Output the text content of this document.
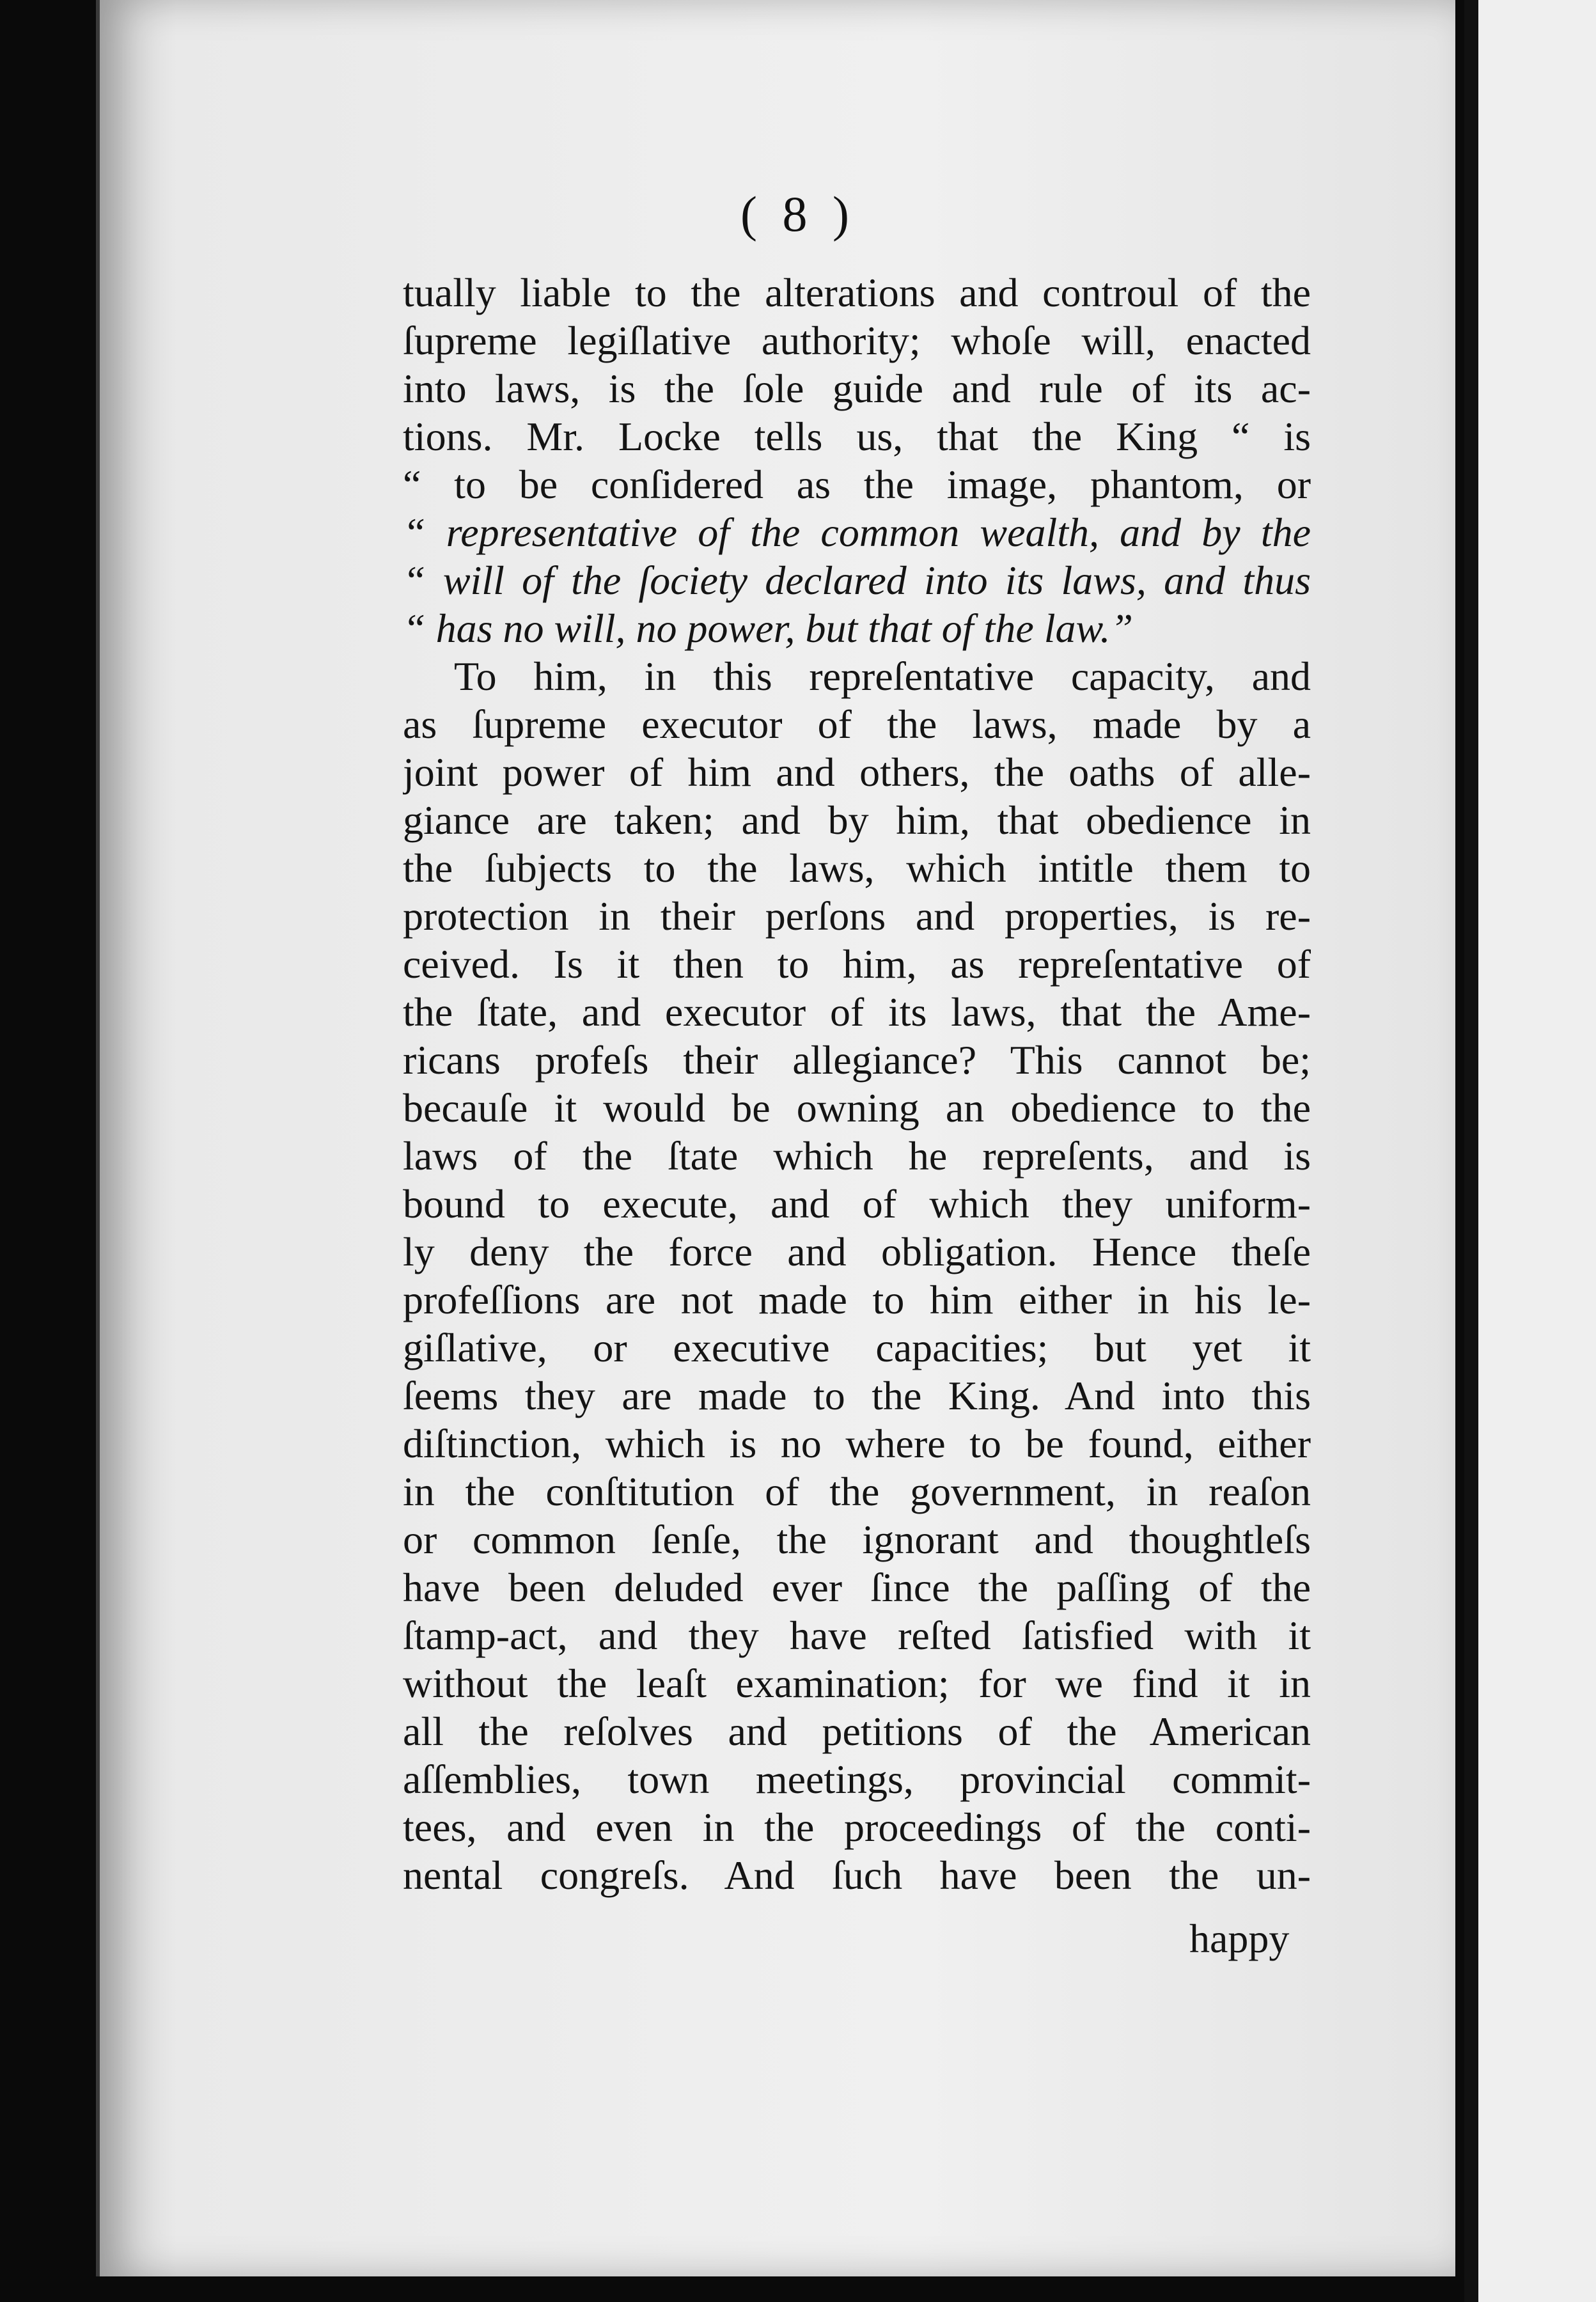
( 8 )
tually liable to the alterations and controul of the
ſupreme legiſlative authority; whoſe will, enacted
into laws, is the ſole guide and rule of its ac-
tions. Mr. Locke tells us, that the King “ is
“ to be conſidered as the image, phantom, or
“ representative of the common wealth, and by the
“ will of the ſociety declared into its laws, and thus
“ has no will, no power, but that of the law.”
To him, in this repreſentative capacity, and
as ſupreme executor of the laws, made by a
joint power of him and others, the oaths of alle-
giance are taken; and by him, that obedience in
the ſubjects to the laws, which intitle them to
protection in their perſons and properties, is re-
ceived. Is it then to him, as repreſentative of
the ſtate, and executor of its laws, that the Ame-
ricans profeſs their allegiance? This cannot be;
becauſe it would be owning an obedience to the
laws of the ſtate which he repreſents, and is
bound to execute, and of which they uniform-
ly deny the force and obligation. Hence theſe
profeſſions are not made to him either in his le-
giſlative, or executive capacities; but yet it
ſeems they are made to the King. And into this
diſtinction, which is no where to be found, either
in the conſtitution of the government, in reaſon
or common ſenſe, the ignorant and thoughtleſs
have been deluded ever ſince the paſſing of the
ſtamp-act, and they have reſted ſatisfied with it
without the leaſt examination; for we find it in
all the reſolves and petitions of the American
aſſemblies, town meetings, provincial commit-
tees, and even in the proceedings of the conti-
nental congreſs. And ſuch have been the un-
happy
